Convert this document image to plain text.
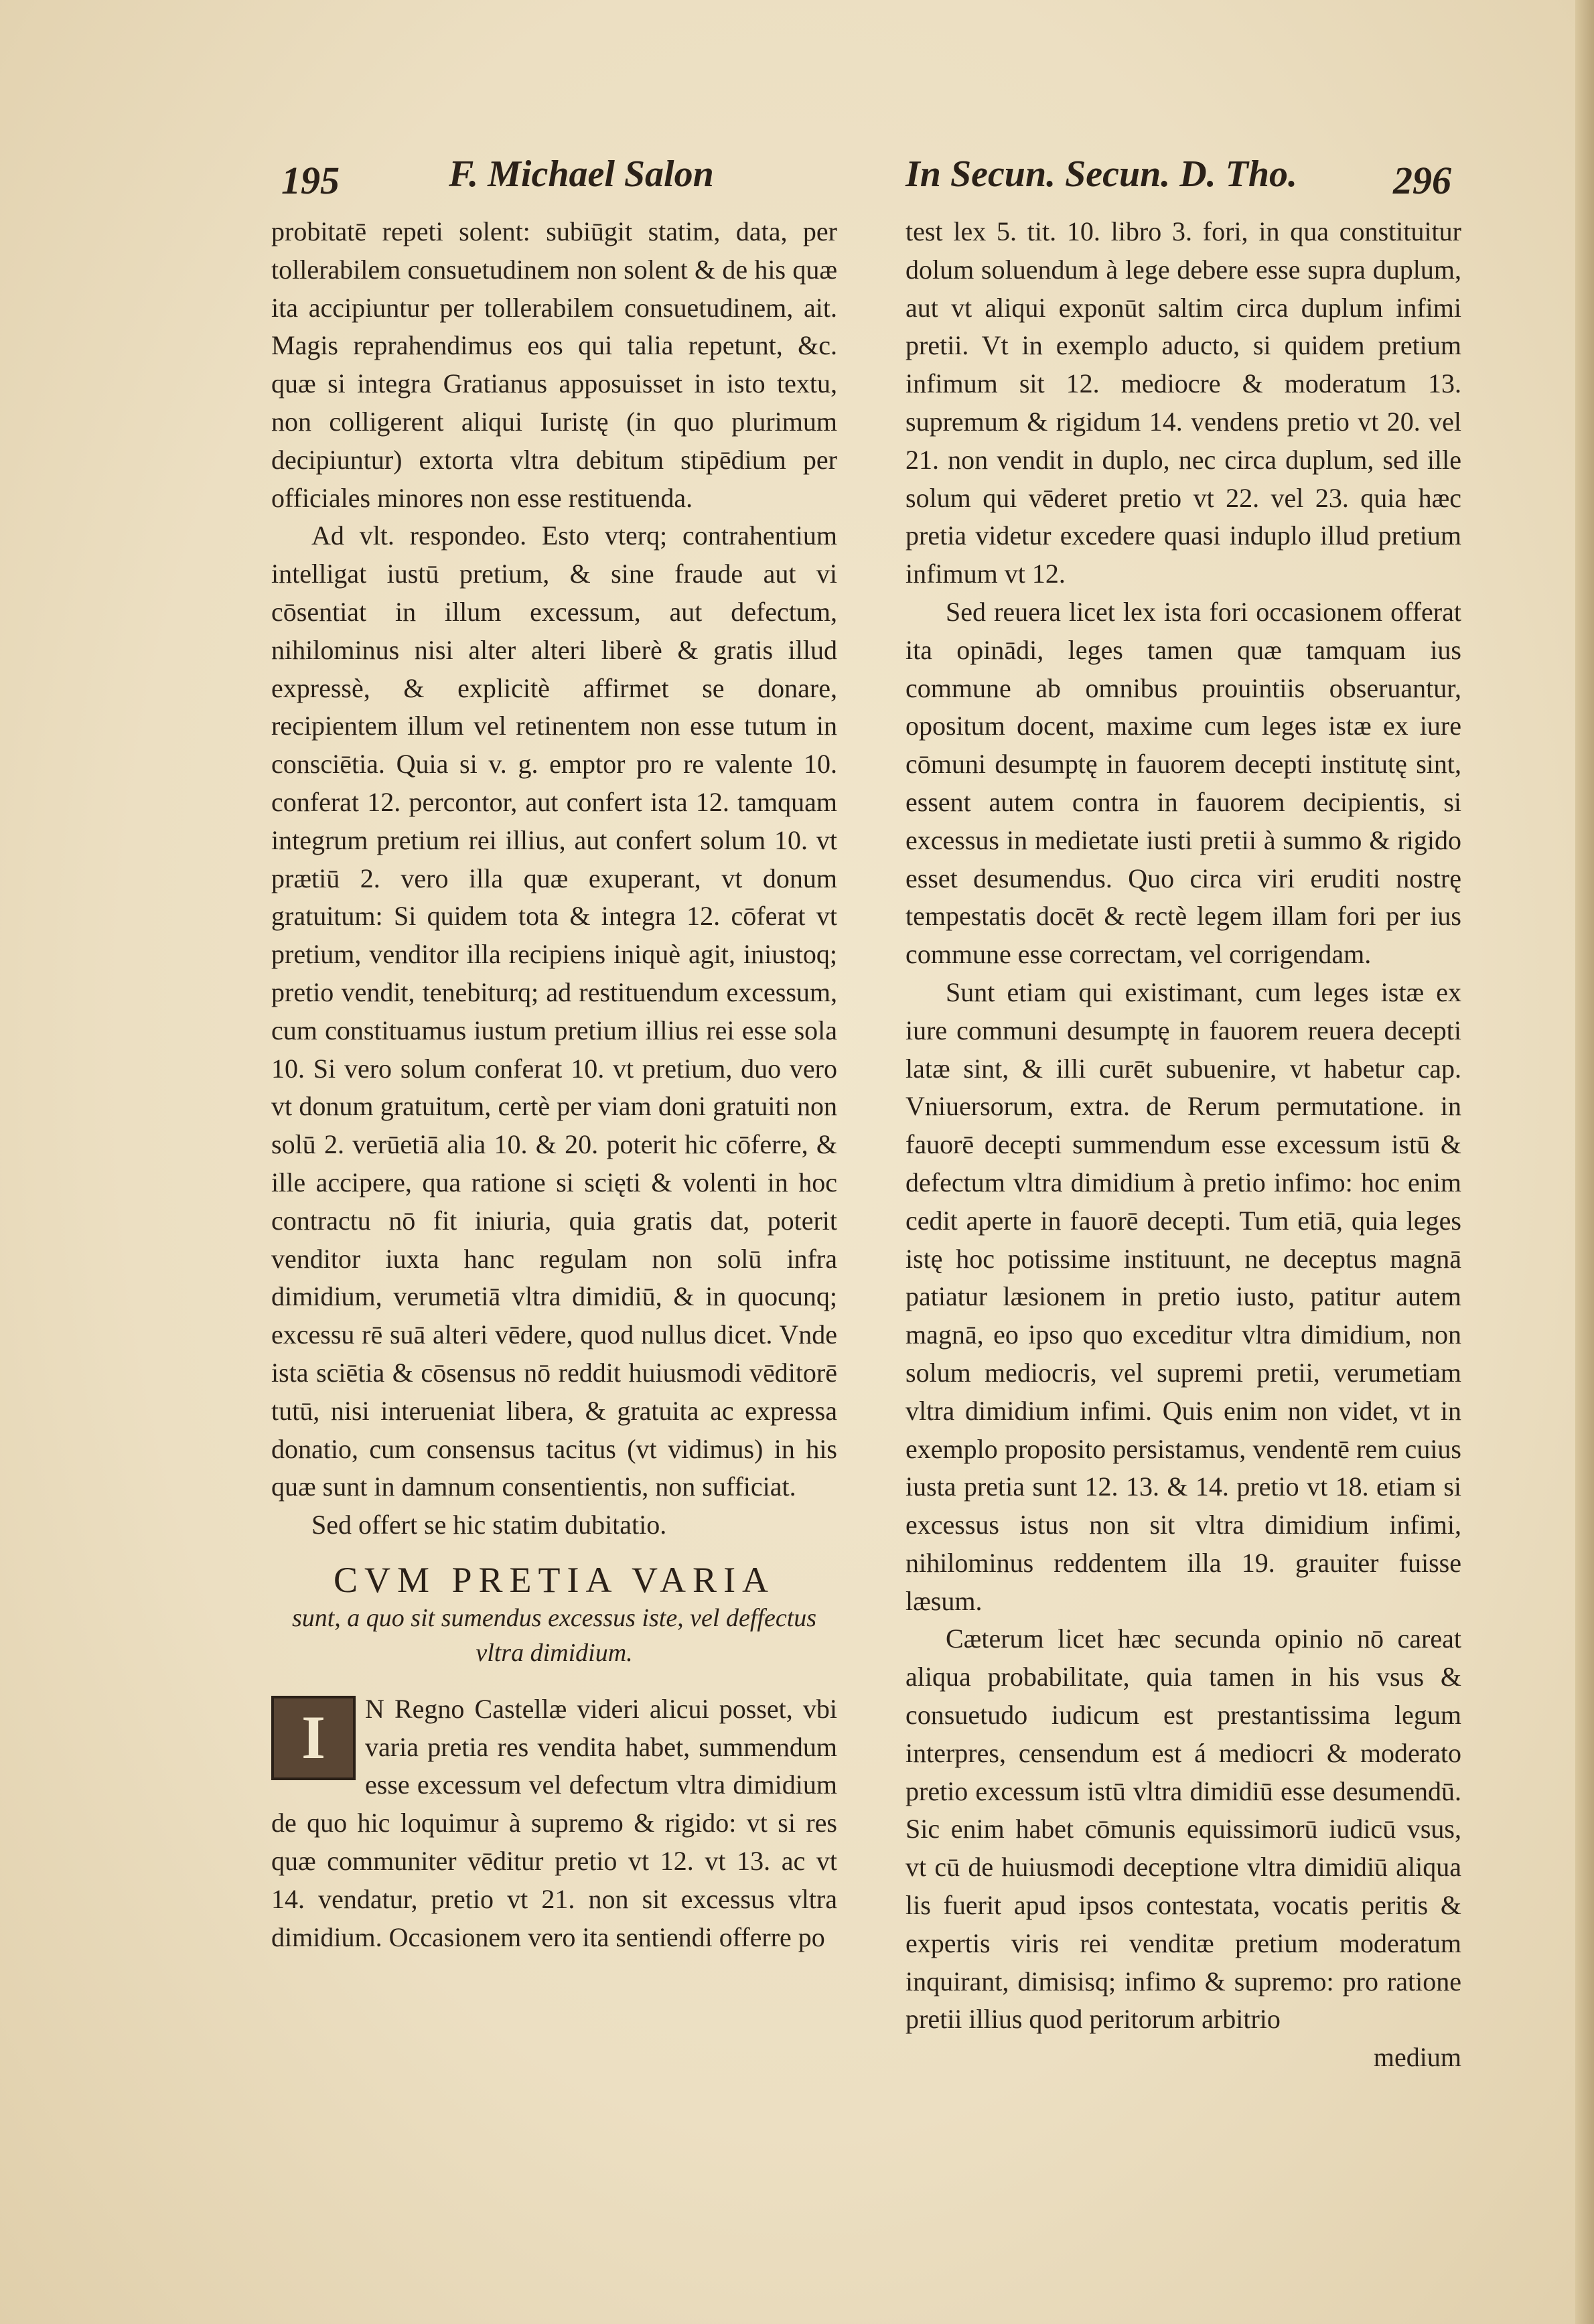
195	F. Michael Salon	In Secun. Secun. D. Tho. 296

probitatē repeti solent: subiūgit statim, data, per tollerabilem consuetudinem non solent & de his quæ ita accipiuntur per tollerabilem consuetudinem, ait. Magis reprahendimus eos qui talia repetunt, &c. quæ si integra Gratianus apposuisset in isto textu, non colligerent aliqui Iuristę (in quo plurimum decipiuntur) extorta vltra debitum stipēdium per officiales minores non esse restituenda.

Ad vlt. respondeo. Esto vterq; contrahentium intelligat iustū pretium, & sine fraude aut vi cōsentiat in illum excessum, aut defectum, nihilominus nisi alter alteri liberè & gratis illud expressè, & explicitè affirmet se donare, recipientem illum vel retinentem non esse tutum in consciētia. Quia si v. g. emptor pro re valente 10. conferat 12. percontor, aut confert ista 12. tamquam integrum pretium rei illius, aut confert solum 10. vt prætiū 2. vero illa quæ exuperant, vt donum gratuitum: Si quidem tota & integra 12. cōferat vt pretium, venditor illa recipiens iniquè agit, iniustoq; pretio vendit, tenebiturq; ad restituendum excessum, cum constituamus iustum pretium illius rei esse sola 10. Si vero solum conferat 10. vt pretium, duo vero vt donum gratuitum, certè per viam doni gratuiti non solū 2. verūetiā alia 10. & 20. poterit hic cōferre, & ille accipere, qua ratione si scięti & volenti in hoc contractu nō fit iniuria, quia gratis dat, poterit venditor iuxta hanc regulam non solū infra dimidium, verumetiā vltra dimidiū, & in quocunq; excessu rē suā alteri vēdere, quod nullus dicet. Vnde ista sciētia & cōsensus nō reddit huiusmodi vēditorē tutū, nisi interueniat libera, & gratuita ac expressa donatio, cum consensus tacitus (vt vidimus) in his quæ sunt in damnum consentientis, non sufficiat.

Sed offert se hic statim dubitatio.

CVM PRETIA VARIA
sunt, a quo sit sumendus excessus iste, vel deffectus vltra dimidium.

I	N Regno Castellæ videri alicui posset, vbi varia pretia res vendita habet, summendum esse excessum vel defectum vltra dimidium de quo hic loquimur à supremo & rigido: vt si res quæ communiter vēditur pretio vt 12. vt 13. ac vt 14. vendatur, pretio vt 21. non sit excessus vltra dimidium. Occasionem vero ita sentiendi offerre po

test lex 5. tit. 10. libro 3. fori, in qua constituitur dolum soluendum à lege debere esse supra duplum, aut vt aliqui exponūt saltim circa duplum infimi pretii. Vt in exemplo aducto, si quidem pretium infimum sit 12. mediocre & moderatum 13. supremum & rigidum 14. vendens pretio vt 20. vel 21. non vendit in duplo, nec circa duplum, sed ille solum qui vēderet pretio vt 22. vel 23. quia hæc pretia videtur excedere quasi induplo illud pretium infimum vt 12.

Sed reuera licet lex ista fori occasionem offerat ita opinādi, leges tamen quæ tamquam ius commune ab omnibus prouintiis obseruantur, opositum docent, maxime cum leges istæ ex iure cōmuni desumptę in fauorem decepti institutę sint, essent autem contra in fauorem decipientis, si excessus in medietate iusti pretii à summo & rigido esset desumendus. Quo circa viri eruditi nostrę tempestatis docēt & rectè legem illam fori per ius commune esse correctam, vel corrigendam.

Sunt etiam qui existimant, cum leges istæ ex iure communi desumptę in fauorem reuera decepti latæ sint, & illi curēt subuenire, vt habetur cap. Vniuersorum, extra. de Rerum permutatione. in fauorē decepti summendum esse excessum istū & defectum vltra dimidium à pretio infimo: hoc enim cedit aperte in fauorē decepti. Tum etiā, quia leges istę hoc potissime instituunt, ne deceptus magnā patiatur læsionem in pretio iusto, patitur autem magnā, eo ipso quo exceditur vltra dimidium, non solum mediocris, vel supremi pretii, verumetiam vltra dimidium infimi. Quis enim non videt, vt in exemplo proposito persistamus, vendentē rem cuius iusta pretia sunt 12. 13. & 14. pretio vt 18. etiam si excessus istus non sit vltra dimidium infimi, nihilominus reddentem illa 19. grauiter fuisse læsum.

Cæterum licet hæc secunda opinio nō careat aliqua probabilitate, quia tamen in his vsus & consuetudo iudicum est prestantissima legum interpres, censendum est á mediocri & moderato pretio excessum istū vltra dimidiū esse desumendū. Sic enim habet cōmunis equissimorū iudicū vsus, vt cū de huiusmodi deceptione vltra dimidiū aliqua lis fuerit apud ipsos contestata, vocatis peritis & expertis viris rei venditæ pretium moderatum inquirant, dimisisq; infimo & supremo: pro ratione pretii illius quod peritorum arbitrio

medium
